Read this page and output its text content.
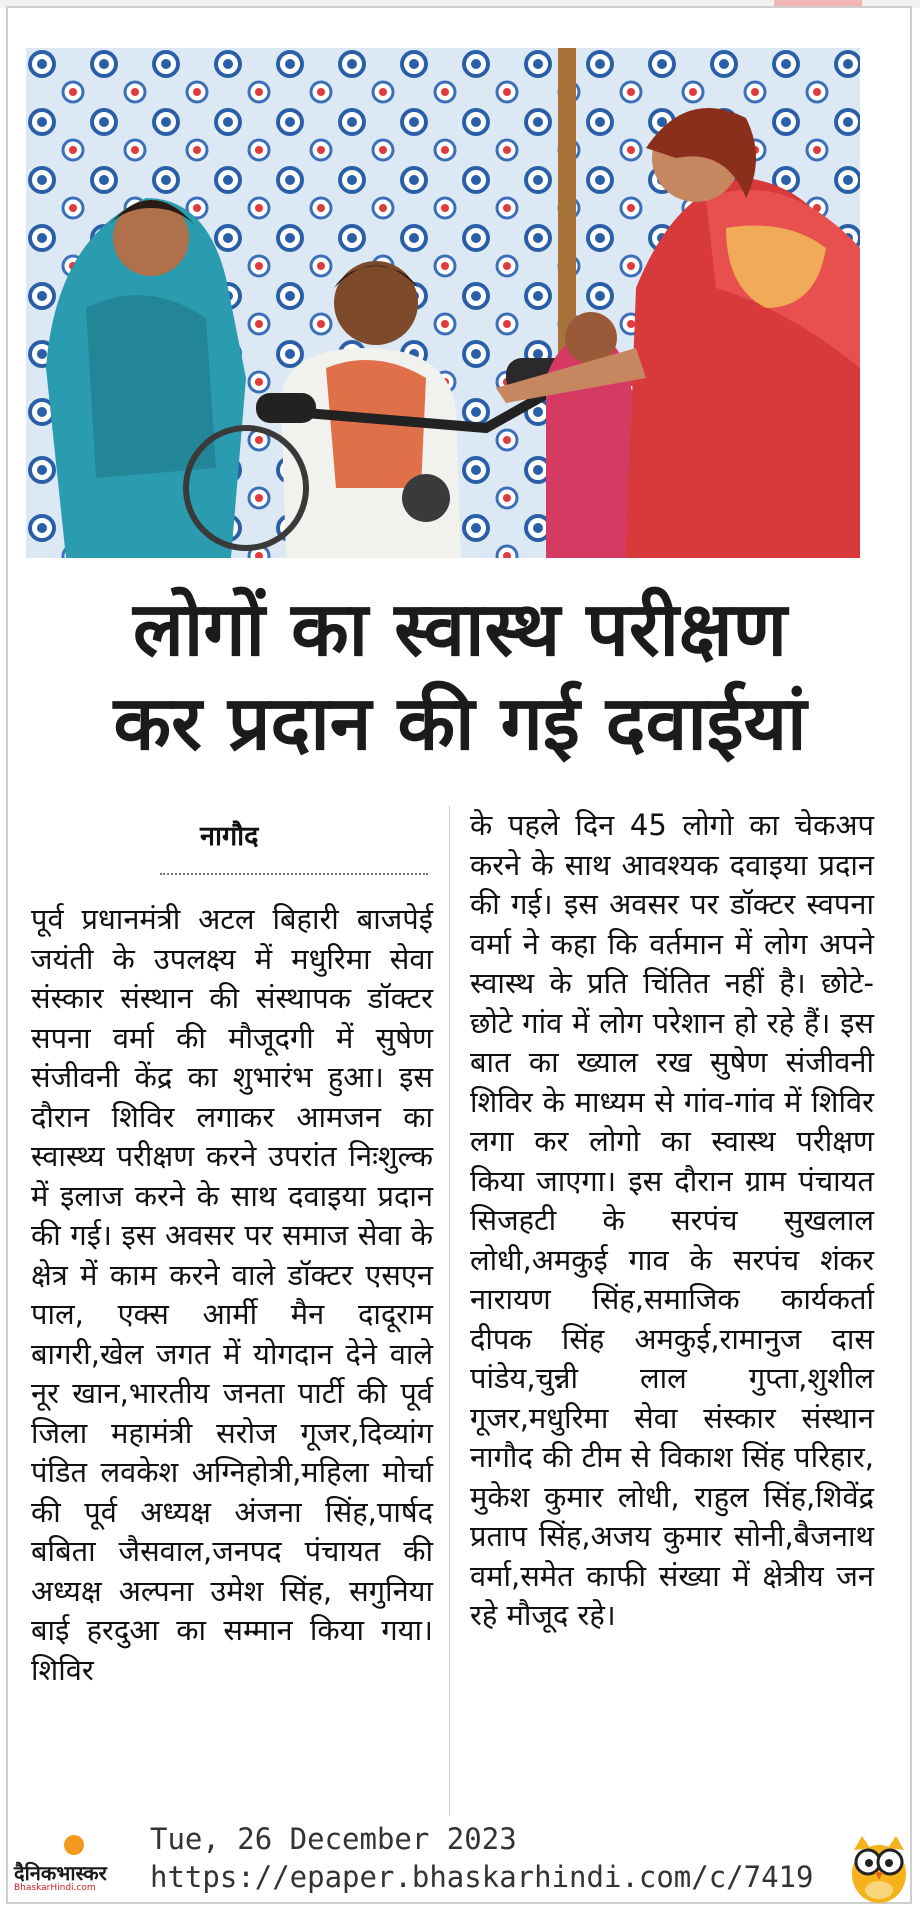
लोगों का स्वास्थ परीक्षण
कर प्रदान की गई दवाईयां
नागौद
पूर्व प्रधानमंत्री अटल बिहारी बाजपेई जयंती के उपलक्ष्य में मधुरिमा सेवा संस्कार संस्थान की संस्थापक डॉक्टर सपना वर्मा की मौजूदगी में सुषेण संजीवनी केंद्र का शुभारंभ हुआ। इस दौरान शिविर लगाकर आमजन का स्वास्थ्य परीक्षण करने उपरांत निःशुल्क में इलाज करने के साथ दवाइया प्रदान की गई। इस अवसर पर समाज सेवा के क्षेत्र में काम करने वाले डॉक्टर एसएन पाल, एक्स आर्मी मैन दादूराम बागरी,खेल जगत में योगदान देने वाले नूर खान,भारतीय जनता पार्टी की पूर्व जिला महामंत्री सरोज गूजर,दिव्यांग पंडित लवकेश अग्निहोत्री,महिला मोर्चा की पूर्व अध्यक्ष अंजना सिंह,पार्षद बबिता जैसवाल,जनपद पंचायत की अध्यक्ष अल्पना उमेश सिंह, सगुनिया बाई हरदुआ का सम्मान किया गया। शिविर
के पहले दिन 45 लोगो का चेकअप करने के साथ आवश्यक दवाइया प्रदान की गई। इस अवसर पर डॉक्टर स्वपना वर्मा ने कहा कि वर्तमान में लोग अपने स्वास्थ के प्रति चिंतित नहीं है। छोटे-छोटे गांव में लोग परेशान हो रहे हैं। इस बात का ख्याल रख सुषेण संजीवनी शिविर के माध्यम से गांव-गांव में शिविर लगा कर लोगो का स्वास्थ परीक्षण किया जाएगा। इस दौरान ग्राम पंचायत सिजहटी के सरपंच सुखलाल लोधी,अमकुई गाव के सरपंच शंकर नारायण सिंह,समाजिक कार्यकर्ता दीपक सिंह अमकुई,रामानुज दास पांडेय,चुन्नी लाल गुप्ता,शुशील गूजर,मधुरिमा सेवा संस्कार संस्थान नागौद की टीम से विकाश सिंह परिहार, मुकेश कुमार लोधी, राहुल सिंह,शिवेंद्र प्रताप सिंह,अजय कुमार सोनी,बैजनाथ वर्मा,समेत काफी संख्या में क्षेत्रीय जन रहे मौजूद रहे।
दैनिकभास्कर
BhaskarHindi.com
Tue, 26 December 2023
https://epaper.bhaskarhindi.com/c/7419
